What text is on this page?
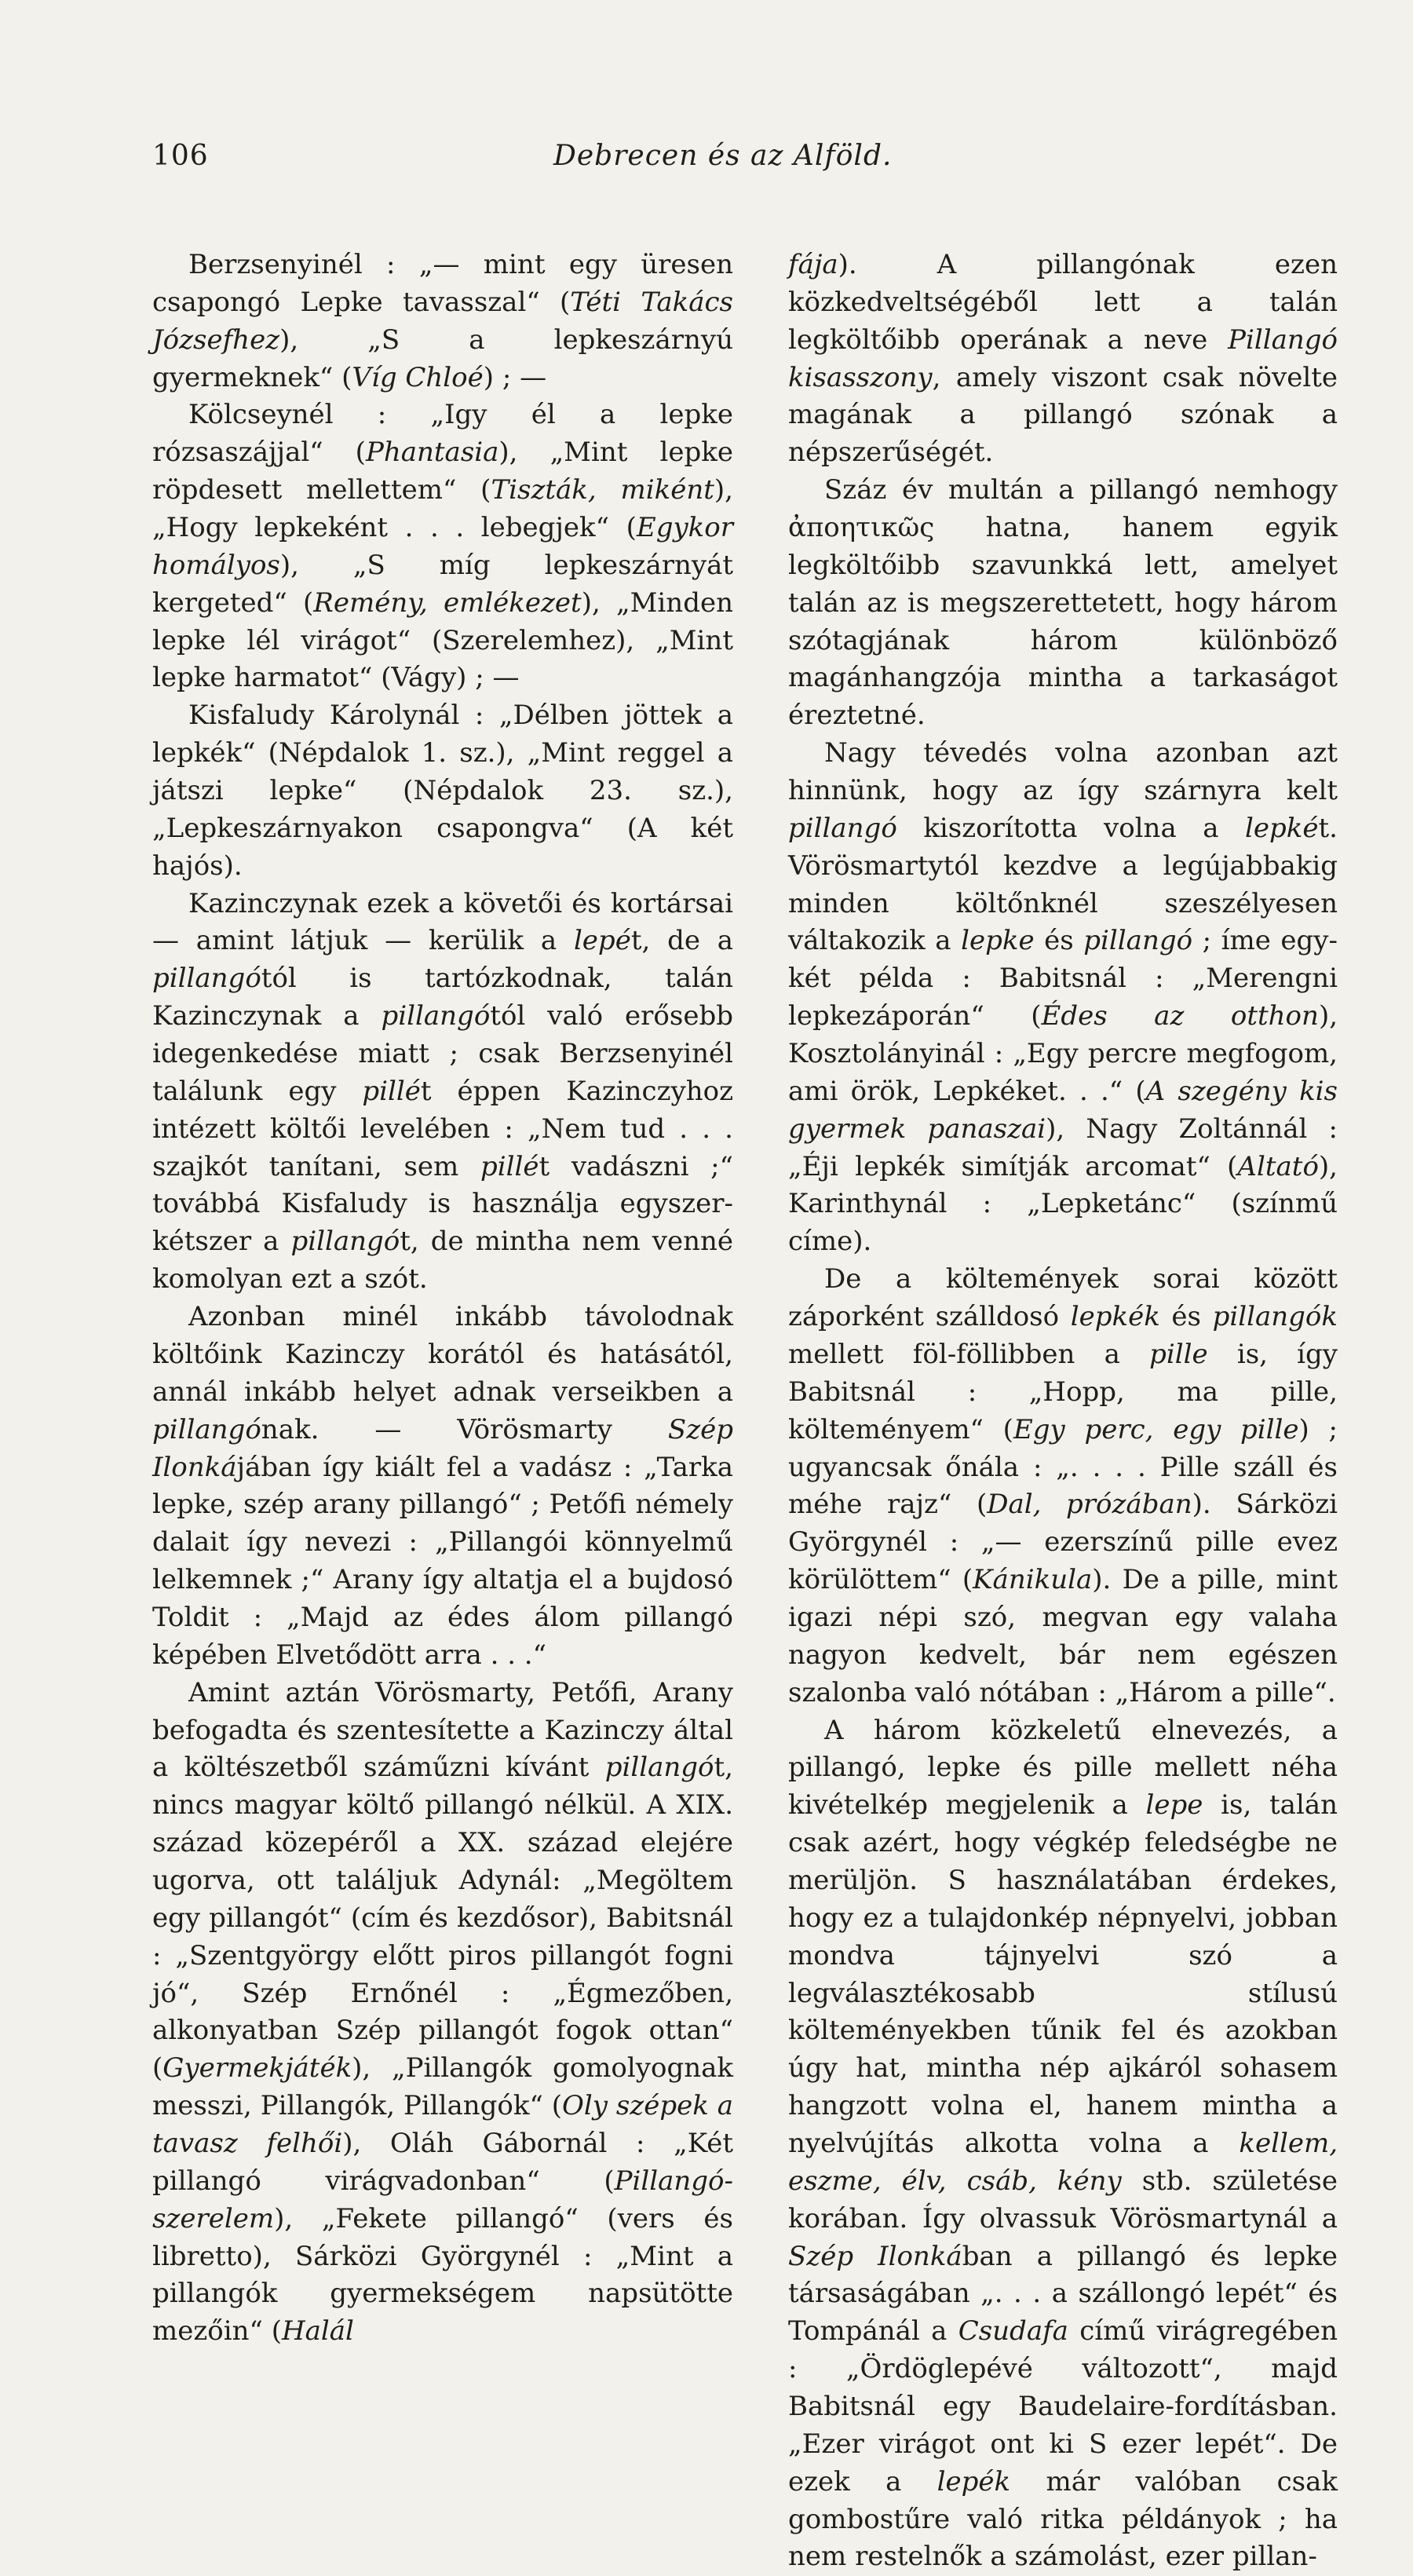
106	Debrecen és az Alföld.

Berzsenyinél : „— mint egy üresen csapongó Lepke tavasszal“ (Téti Takács Józsefhez), „S a lepkeszárnyú gyermeknek“ (Víg Chloé) ; —

Kölcseynél : „Igy él a lepke rózsaszájjal“ (Phantasia), „Mint lepke röpdesett mellettem“ (Tiszták, miként), „Hogy lepkeként . . . lebegjek“ (Egykor homályos), „S míg lepkeszárnyát kergeted“ (Remény, emlékezet), „Minden lepke lél virágot“ (Szerelemhez), „Mint lepke harmatot“ (Vágy) ; —

Kisfaludy Károlynál : „Délben jöttek a lepkék“ (Népdalok 1. sz.), „Mint reggel a játszi lepke“ (Népdalok 23. sz.), „Lepkeszárnyakon csapongva“ (A két hajós).

Kazinczynak ezek a követői és kortársai — amint látjuk — kerülik a lepét, de a pillangótól is tartózkodnak, talán Kazinczynak a pillangótól való erősebb idegenkedése miatt ; csak Berzsenyinél találunk egy pillét éppen Kazinczyhoz intézett költői levelében : „Nem tud . . . szajkót tanítani, sem pillét vadászni ;“ továbbá Kisfaludy is használja egyszer-kétszer a pillangót, de mintha nem venné komolyan ezt a szót.

Azonban minél inkább távolodnak költőink Kazinczy korától és hatásától, annál inkább helyet adnak verseikben a pillangónak. — Vörösmarty Szép Ilonkájában így kiált fel a vadász : „Tarka lepke, szép arany pillangó“ ; Petőfi némely dalait így nevezi : „Pillangói könnyelmű lelkemnek ;“ Arany így altatja el a bujdosó Toldit : „Majd az édes álom pillangó képében Elvetődött arra . . .“

Amint aztán Vörösmarty, Petőfi, Arany befogadta és szentesítette a Kazinczy által a költészetből száműzni kívánt pillangót, nincs magyar költő pillangó nélkül. A XIX. század közepéről a XX. század elejére ugorva, ott találjuk Adynál: „Megöltem egy pillangót“ (cím és kezdősor), Babitsnál : „Szentgyörgy előtt piros pillangót fogni jó“, Szép Ernőnél : „Égmezőben, alkonyatban Szép pillangót fogok ottan“ (Gyermekjáték), „Pillangók gomolyognak messzi, Pillangók, Pillangók“ (Oly szépek a tavasz felhői), Oláh Gábornál : „Két pillangó virágvadonban“ (Pillangó-szerelem), „Fekete pillangó“ (vers és libretto), Sárközi Györgynél : „Mint a pillangók gyermekségem napsütötte mezőin“ (Halál

fája). A pillangónak ezen közkedveltségéből lett a talán legköltőibb operának a neve Pillangó kisasszony, amely viszont csak növelte magának a pillangó szónak a népszerűségét.

Száz év multán a pillangó nemhogy ἀποητικῶς hatna, hanem egyik legköltőibb szavunkká lett, amelyet talán az is megszerettetett, hogy három szótagjának három különböző magánhangzója mintha a tarkaságot éreztetné.

Nagy tévedés volna azonban azt hinnünk, hogy az így szárnyra kelt pillangó kiszorította volna a lepkét. Vörösmartytól kezdve a legújabbakig minden költőnknél szeszélyesen váltakozik a lepke és pillangó ; íme egy-két példa : Babitsnál : „Merengni lepkezáporán“ (Édes az otthon), Kosztolányinál : „Egy percre megfogom, ami örök, Lepkéket. . .“ (A szegény kis gyermek panaszai), Nagy Zoltánnál : „Éji lepkék simítják arcomat“ (Altató), Karinthynál : „Lepketánc“ (színmű címe).

De a költemények sorai között záporként szálldosó lepkék és pillangók mellett föl-föllibben a pille is, így Babitsnál : „Hopp, ma pille, költeményem“ (Egy perc, egy pille) ; ugyancsak őnála : „. . . . Pille száll és méhe rajz“ (Dal, prózában). Sárközi Györgynél : „— ezerszínű pille evez körülöttem“ (Kánikula). De a pille, mint igazi népi szó, megvan egy valaha nagyon kedvelt, bár nem egészen szalonba való nótában : „Három a pille“.

A három közkeletű elnevezés, a pillangó, lepke és pille mellett néha kivételkép megjelenik a lepe is, talán csak azért, hogy végkép feledségbe ne merüljön. S használatában érdekes, hogy ez a tulajdonkép népnyelvi, jobban mondva tájnyelvi szó a legválasztékosabb stílusú költeményekben tűnik fel és azokban úgy hat, mintha nép ajkáról sohasem hangzott volna el, hanem mintha a nyelvújítás alkotta volna a kellem, eszme, élv, csáb, kény stb. születése korában. Így olvassuk Vörösmartynál a Szép Ilonkában a pillangó és lepke társaságában „. . . a szállongó lepét“ és Tompánál a Csudafa című virágregében : „Ördöglepévé változott“, majd Babitsnál egy Baudelaire-fordításban. „Ezer virágot ont ki S ezer lepét“. De ezek a lepék már valóban csak gombostűre való ritka példányok ; ha nem restelnők a számolást, ezer pillan-
